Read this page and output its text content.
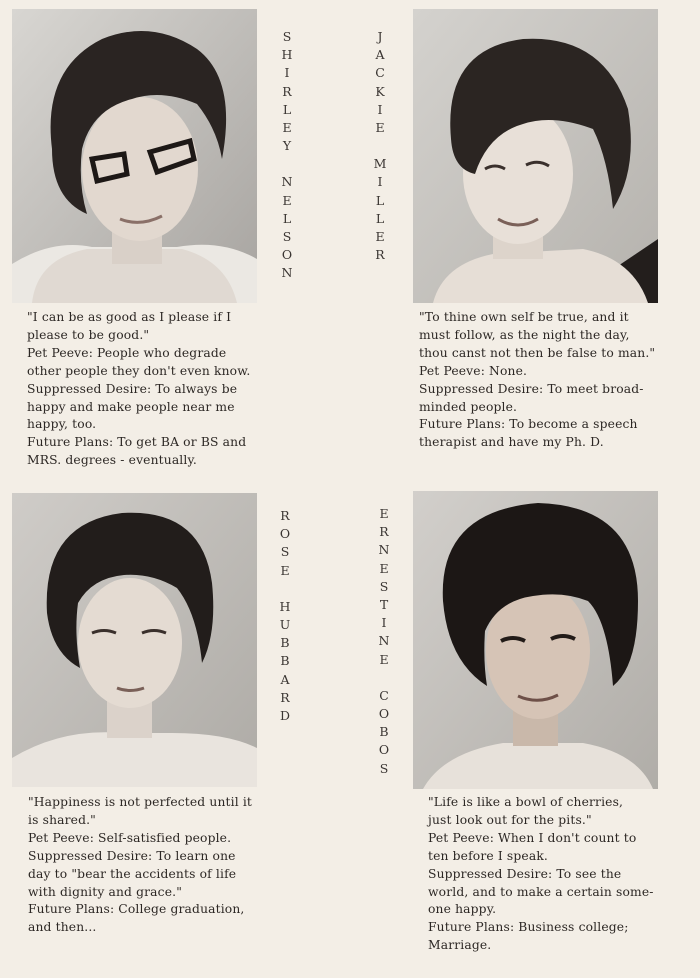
S
H
I
R
L
E
Y
N
E
L
S
O
N
J
A
C
K
I
E
M
I
L
L
E
R
R
O
S
E
H
U
B
B
A
R
D
E
R
N
E
S
T
I
N
E
C
O
B
O
S
"I can be as good as I please if I
please to be good."
Pet Peeve: People who degrade
other people they don't even know.
Suppressed Desire: To always be
happy and make people near me
happy, too.
Future Plans: To get BA or BS and
MRS. degrees - eventually.
"To thine own self be true, and it
must follow, as the night the day,
thou canst not then be false to man."
Pet Peeve: None.
Suppressed Desire: To meet broad-
minded people.
Future Plans: To become a speech
therapist and have my Ph. D.
"Happiness is not perfected until it
is shared."
Pet Peeve: Self-satisfied people.
Suppressed Desire: To learn one
day to "bear the accidents of life
with dignity and grace."
Future Plans: College graduation,
and then...
"Life is like a bowl of cherries,
just look out for the pits."
Pet Peeve: When I don't count to
ten before I speak.
Suppressed Desire: To see the
world, and to make a certain some-
one happy.
Future Plans: Business college;
Marriage.
